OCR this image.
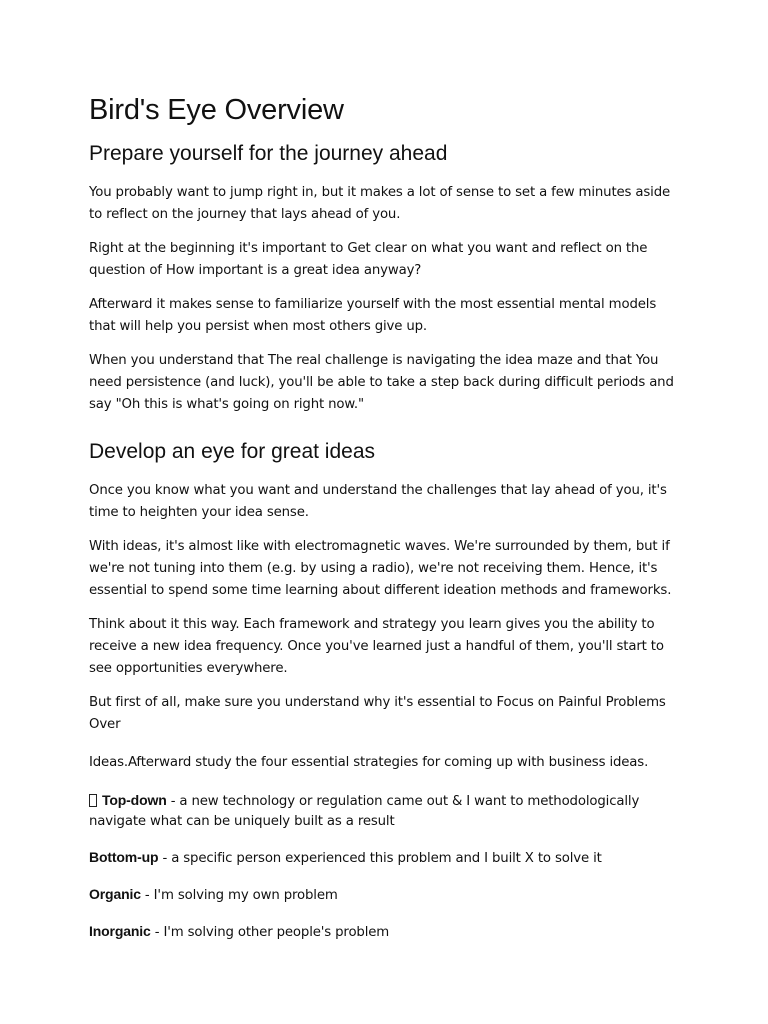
Bird's Eye Overview
Prepare yourself for the journey ahead

You probably want to jump right in, but it makes a lot of sense to set a few minutes aside to reflect on the journey that lays ahead of you.

Right at the beginning it's important to Get clear on what you want and reflect on the question of How important is a great idea anyway?

Afterward it makes sense to familiarize yourself with the most essential mental models that will help you persist when most others give up.

When you understand that The real challenge is navigating the idea maze and that You need persistence (and luck), you'll be able to take a step back during difficult periods and say "Oh this is what's going on right now."

Develop an eye for great ideas

Once you know what you want and understand the challenges that lay ahead of you, it's time to heighten your idea sense.

With ideas, it's almost like with electromagnetic waves. We're surrounded by them, but if we're not tuning into them (e.g. by using a radio), we're not receiving them. Hence, it's essential to spend some time learning about different ideation methods and frameworks.

Think about it this way. Each framework and strategy you learn gives you the ability to receive a new idea frequency. Once you've learned just a handful of them, you'll start to see opportunities everywhere.

But first of all, make sure you understand why it's essential to Focus on Painful Problems Over

Ideas.Afterward study the four essential strategies for coming up with business ideas.

Top-down - a new technology or regulation came out & I want to methodologically navigate what can be uniquely built as a result

Bottom-up - a specific person experienced this problem and I built X to solve it

Organic - I'm solving my own problem

Inorganic - I'm solving other people's problem
